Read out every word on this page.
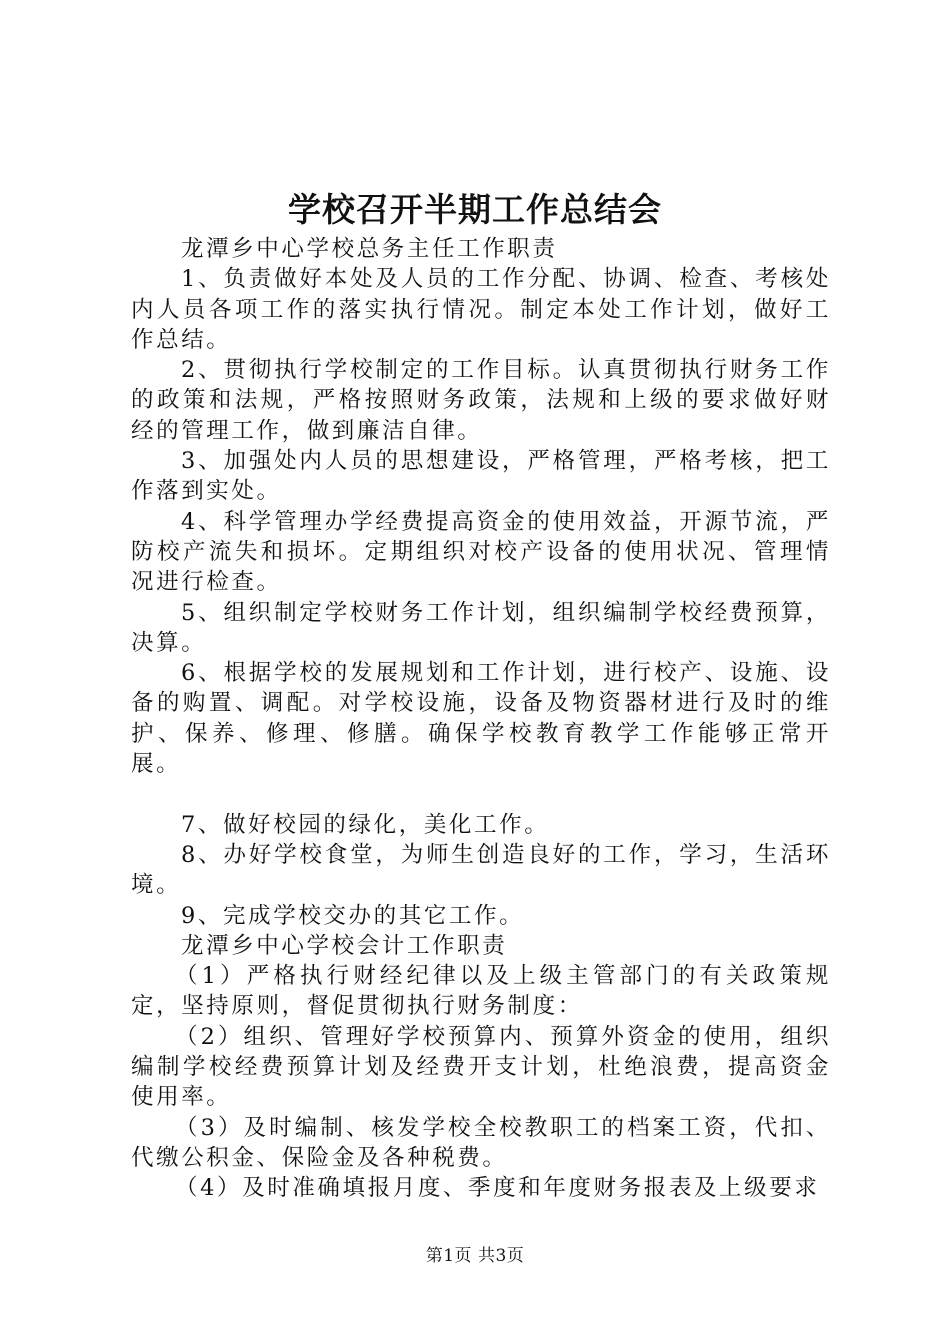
学校召开半期工作总结会

龙潭乡中心学校总务主任工作职责

1、负责做好本处及人员的工作分配、协调、检查、考核处内人员各项工作的落实执行情况。制定本处工作计划，做好工作总结。

2、贯彻执行学校制定的工作目标。认真贯彻执行财务工作的政策和法规，严格按照财务政策，法规和上级的要求做好财经的管理工作，做到廉洁自律。

3、加强处内人员的思想建设，严格管理，严格考核，把工作落到实处。

4、科学管理办学经费提高资金的使用效益，开源节流，严防校产流失和损坏。定期组织对校产设备的使用状况、管理情况进行检查。

5、组织制定学校财务工作计划，组织编制学校经费预算，决算。

6、根据学校的发展规划和工作计划，进行校产、设施、设备的购置、调配。对学校设施，设备及物资器材进行及时的维护、保养、修理、修膳。确保学校教育教学工作能够正常开展。

7、做好校园的绿化，美化工作。

8、办好学校食堂，为师生创造良好的工作，学习，生活环境。

9、完成学校交办的其它工作。

龙潭乡中心学校会计工作职责

（1）严格执行财经纪律以及上级主管部门的有关政策规定，坚持原则，督促贯彻执行财务制度：

（2）组织、管理好学校预算内、预算外资金的使用，组织编制学校经费预算计划及经费开支计划，杜绝浪费，提高资金使用率。

（3）及时编制、核发学校全校教职工的档案工资，代扣、代缴公积金、保险金及各种税费。

（4）及时准确填报月度、季度和年度财务报表及上级要求

第1页 共3页
